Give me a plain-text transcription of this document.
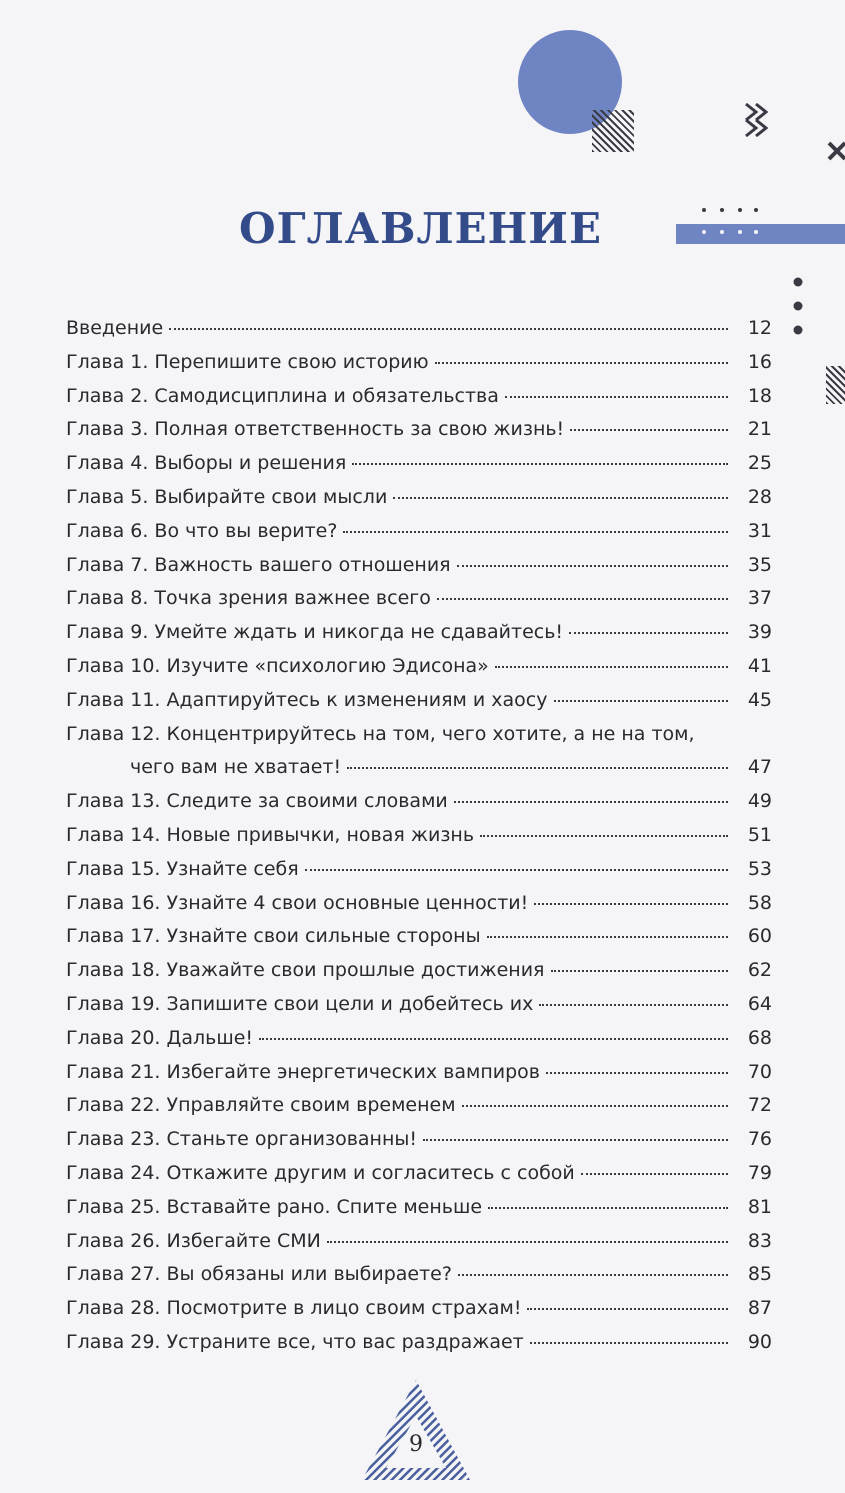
ОГЛАВЛЕНИЕ
Введение	12
Глава 1. Перепишите свою историю	16
Глава 2. Самодисциплина и обязательства	18
Глава 3. Полная ответственность за свою жизнь!	21
Глава 4. Выборы и решения	25
Глава 5. Выбирайте свои мысли	28
Глава 6. Во что вы верите?	31
Глава 7. Важность вашего отношения	35
Глава 8. Точка зрения важнее всего	37
Глава 9. Умейте ждать и никогда не сдавайтесь!	39
Глава 10. Изучите «психологию Эдисона»	41
Глава 11. Адаптируйтесь к изменениям и хаосу	45
Глава 12. Концентрируйтесь на том, чего хотите, а не на том,
чего вам не хватает!	47
Глава 13. Следите за своими словами	49
Глава 14. Новые привычки, новая жизнь	51
Глава 15. Узнайте себя	53
Глава 16. Узнайте 4 свои основные ценности!	58
Глава 17. Узнайте свои сильные стороны	60
Глава 18. Уважайте свои прошлые достижения	62
Глава 19. Запишите свои цели и добейтесь их	64
Глава 20. Дальше!	68
Глава 21. Избегайте энергетических вампиров	70
Глава 22. Управляйте своим временем	72
Глава 23. Станьте организованны!	76
Глава 24. Откажите другим и согласитесь с собой	79
Глава 25. Вставайте рано. Спите меньше	81
Глава 26. Избегайте СМИ	83
Глава 27. Вы обязаны или выбираете?	85
Глава 28. Посмотрите в лицо своим страхам!	87
Глава 29. Устраните все, что вас раздражает	90
9
